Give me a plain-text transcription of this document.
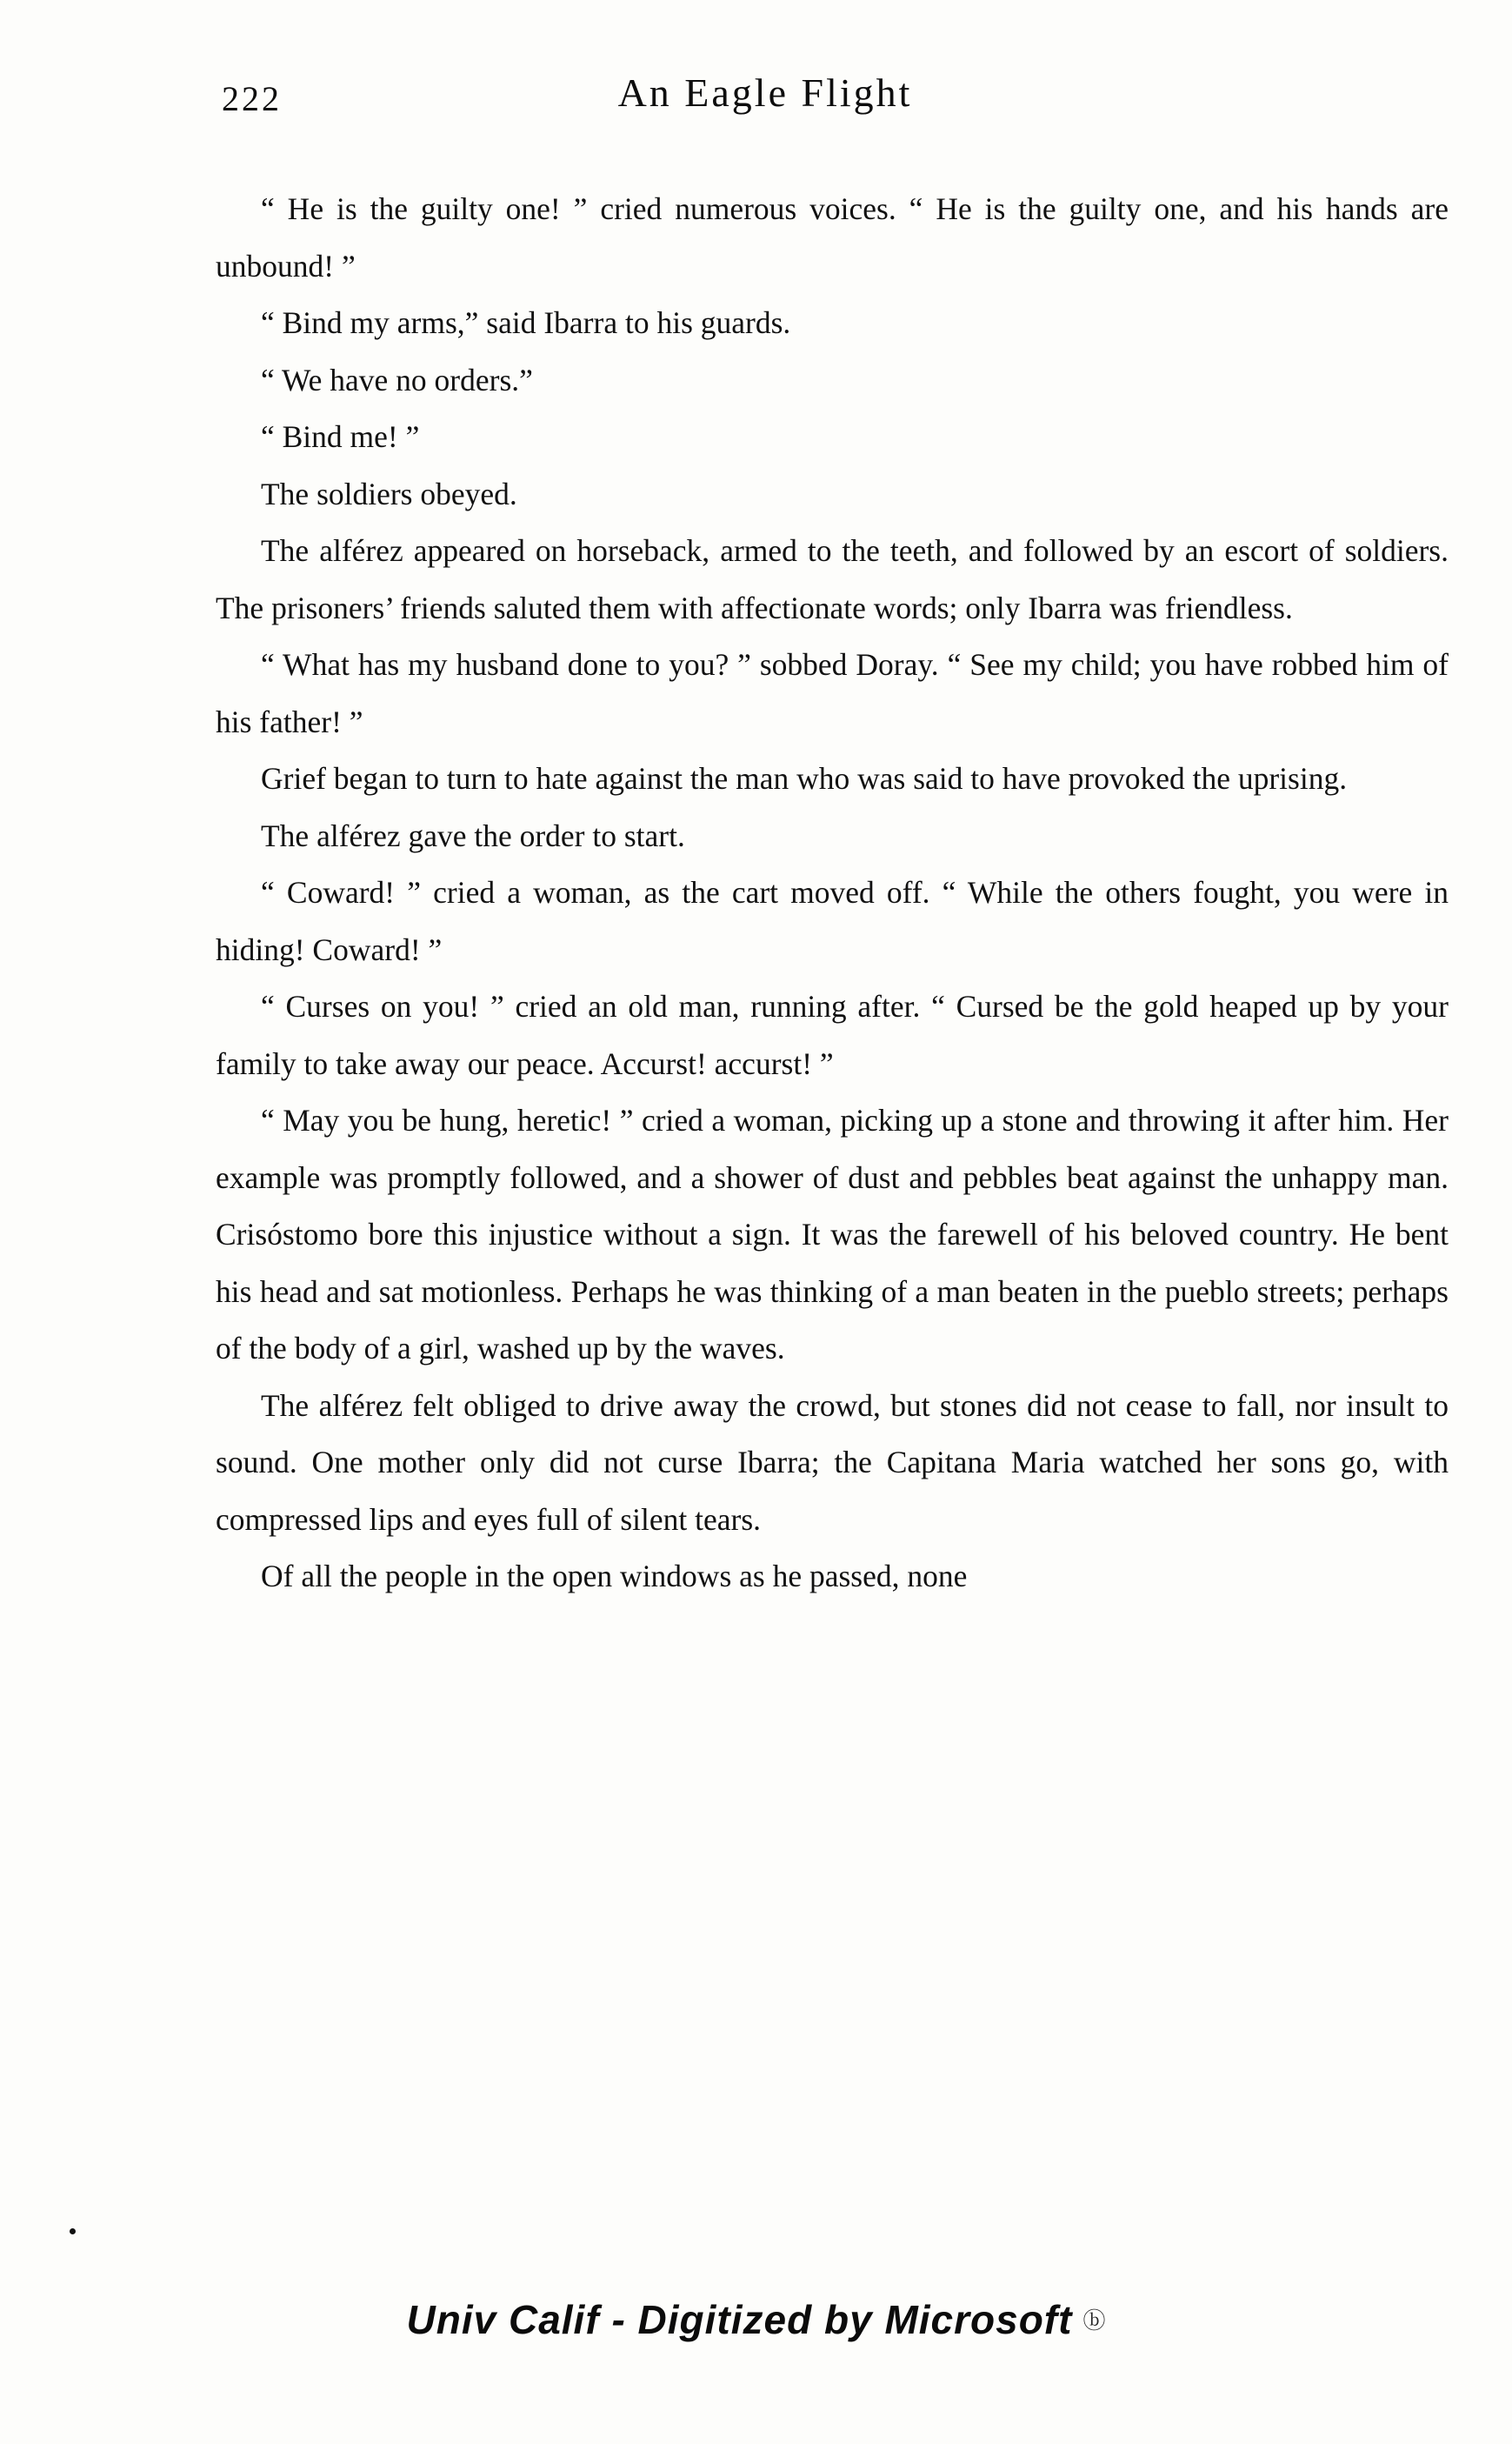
222	An Eagle Flight

“ He is the guilty one! ” cried numerous voices. “ He is the guilty one, and his hands are unbound! ”

“ Bind my arms,” said Ibarra to his guards.

“ We have no orders.”

“ Bind me! ”

The soldiers obeyed.

The alférez appeared on horseback, armed to the teeth, and followed by an escort of soldiers. The prisoners’ friends saluted them with affectionate words; only Ibarra was friendless.

“ What has my husband done to you? ” sobbed Doray. “ See my child; you have robbed him of his father! ”

Grief began to turn to hate against the man who was said to have provoked the uprising.

The alférez gave the order to start.

“ Coward! ” cried a woman, as the cart moved off. “ While the others fought, you were in hiding! Coward! ”

“ Curses on you! ” cried an old man, running after. “ Cursed be the gold heaped up by your family to take away our peace. Accurst! accurst! ”

“ May you be hung, heretic! ” cried a woman, picking up a stone and throwing it after him. Her example was promptly followed, and a shower of dust and pebbles beat against the unhappy man. Crisóstomo bore this injustice without a sign. It was the farewell of his beloved country. He bent his head and sat motionless. Perhaps he was thinking of a man beaten in the pueblo streets; perhaps of the body of a girl, washed up by the waves.

The alférez felt obliged to drive away the crowd, but stones did not cease to fall, nor insult to sound. One mother only did not curse Ibarra; the Capitana Maria watched her sons go, with compressed lips and eyes full of silent tears.

Of all the people in the open windows as he passed, none

Univ Calif - Digitized by Microsoft ⓑ
